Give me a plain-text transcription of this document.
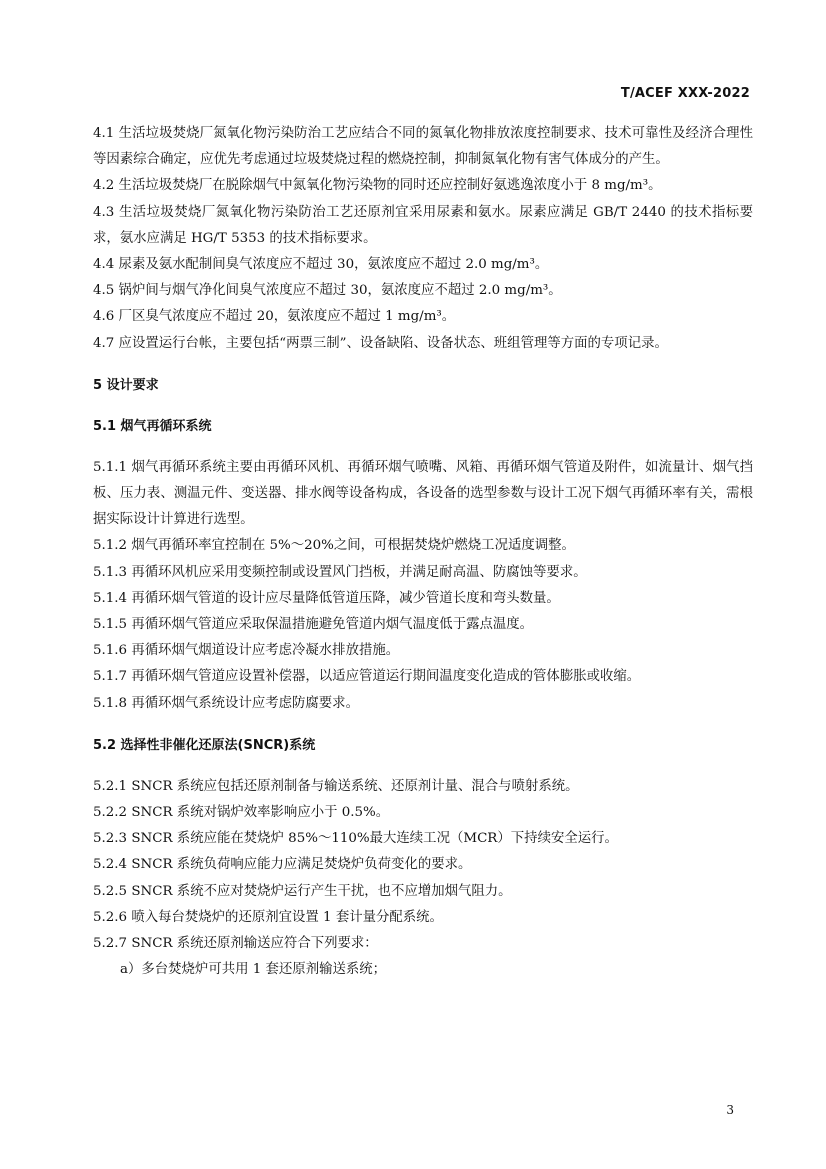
T/ACEF XXX-2022

4.1 生活垃圾焚烧厂氮氧化物污染防治工艺应结合不同的氮氧化物排放浓度控制要求、技术可靠性及经济合理性等因素综合确定，应优先考虑通过垃圾焚烧过程的燃烧控制，抑制氮氧化物有害气体成分的产生。

4.2 生活垃圾焚烧厂在脱除烟气中氮氧化物污染物的同时还应控制好氨逃逸浓度小于 8 mg/m³。

4.3 生活垃圾焚烧厂氮氧化物污染防治工艺还原剂宜采用尿素和氨水。尿素应满足 GB/T 2440 的技术指标要求，氨水应满足 HG/T 5353 的技术指标要求。

4.4 尿素及氨水配制间臭气浓度应不超过 30，氨浓度应不超过 2.0 mg/m³。

4.5 锅炉间与烟气净化间臭气浓度应不超过 30，氨浓度应不超过 2.0 mg/m³。

4.6 厂区臭气浓度应不超过 20，氨浓度应不超过 1 mg/m³。

4.7 应设置运行台帐，主要包括“两票三制”、设备缺陷、设备状态、班组管理等方面的专项记录。

5 设计要求
5.1 烟气再循环系统

5.1.1 烟气再循环系统主要由再循环风机、再循环烟气喷嘴、风箱、再循环烟气管道及附件，如流量计、烟气挡板、压力表、测温元件、变送器、排水阀等设备构成，各设备的选型参数与设计工况下烟气再循环率有关，需根据实际设计计算进行选型。

5.1.2 烟气再循环率宜控制在 5%～20%之间，可根据焚烧炉燃烧工况适度调整。

5.1.3 再循环风机应采用变频控制或设置风门挡板，并满足耐高温、防腐蚀等要求。

5.1.4 再循环烟气管道的设计应尽量降低管道压降，减少管道长度和弯头数量。

5.1.5 再循环烟气管道应采取保温措施避免管道内烟气温度低于露点温度。

5.1.6 再循环烟气烟道设计应考虑冷凝水排放措施。

5.1.7 再循环烟气管道应设置补偿器，以适应管道运行期间温度变化造成的管体膨胀或收缩。

5.1.8 再循环烟气系统设计应考虑防腐要求。

5.2 选择性非催化还原法(SNCR)系统

5.2.1 SNCR 系统应包括还原剂制备与输送系统、还原剂计量、混合与喷射系统。

5.2.2 SNCR 系统对锅炉效率影响应小于 0.5%。

5.2.3 SNCR 系统应能在焚烧炉 85%～110%最大连续工况（MCR）下持续安全运行。

5.2.4 SNCR 系统负荷响应能力应满足焚烧炉负荷变化的要求。

5.2.5 SNCR 系统不应对焚烧炉运行产生干扰，也不应增加烟气阻力。

5.2.6 喷入每台焚烧炉的还原剂宜设置 1 套计量分配系统。

5.2.7 SNCR 系统还原剂输送应符合下列要求：

a）多台焚烧炉可共用 1 套还原剂输送系统；

3
